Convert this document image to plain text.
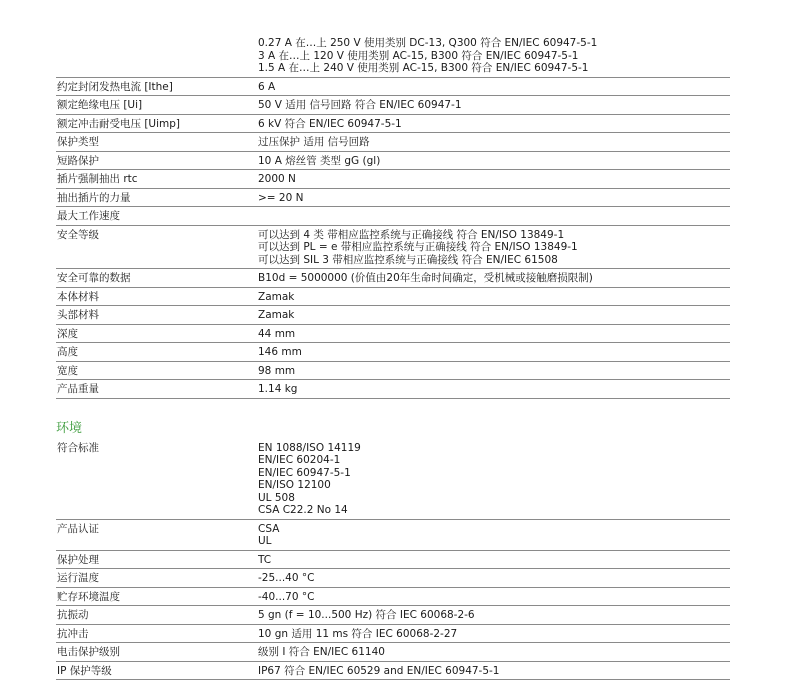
0.27 A 在…上 250 V 使用类别 DC-13, Q300 符合 EN/IEC 60947-5-1
3 A 在…上 120 V 使用类别 AC-15, B300 符合 EN/IEC 60947-5-1
1.5 A 在…上 240 V 使用类别 AC-15, B300 符合 EN/IEC 60947-5-1
约定封闭发热电流 [Ithe]	6 A
额定绝缘电压 [Ui]	50 V 适用 信号回路 符合 EN/IEC 60947-1
额定冲击耐受电压 [Uimp]	6 kV 符合 EN/IEC 60947-5-1
保护类型	过压保护 适用 信号回路
短路保护	10 A 熔丝管 类型 gG (gl)
插片强制抽出 rtc	2000 N
抽出插片的力量	>= 20 N
最大工作速度

安全等级	可以达到 4 类 带相应监控系统与正确接线 符合 EN/ISO 13849-1
可以达到 PL = e 带相应监控系统与正确接线 符合 EN/ISO 13849-1
可以达到 SIL 3 带相应监控系统与正确接线 符合 EN/IEC 61508
安全可靠的数据	B10d = 5000000 (价值由20年生命时间确定，受机械或接触磨损限制)
本体材料	Zamak
头部材料	Zamak
深度	44 mm
高度	146 mm
宽度	98 mm
产品重量	1.14 kg
环境
符合标准	EN 1088/ISO 14119
EN/IEC 60204-1
EN/IEC 60947-5-1
EN/ISO 12100
UL 508
CSA C22.2 No 14
产品认证	CSA
UL
保护处理	TC
运行温度	-25...40 °C
贮存环境温度	-40...70 °C
抗振动	5 gn (f = 10...500 Hz) 符合 IEC 60068-2-6
抗冲击	10 gn 适用 11 ms 符合 IEC 60068-2-27
电击保护级别	级别 I 符合 EN/IEC 61140
IP 保护等级	IP67 符合 EN/IEC 60529 and EN/IEC 60947-5-1
